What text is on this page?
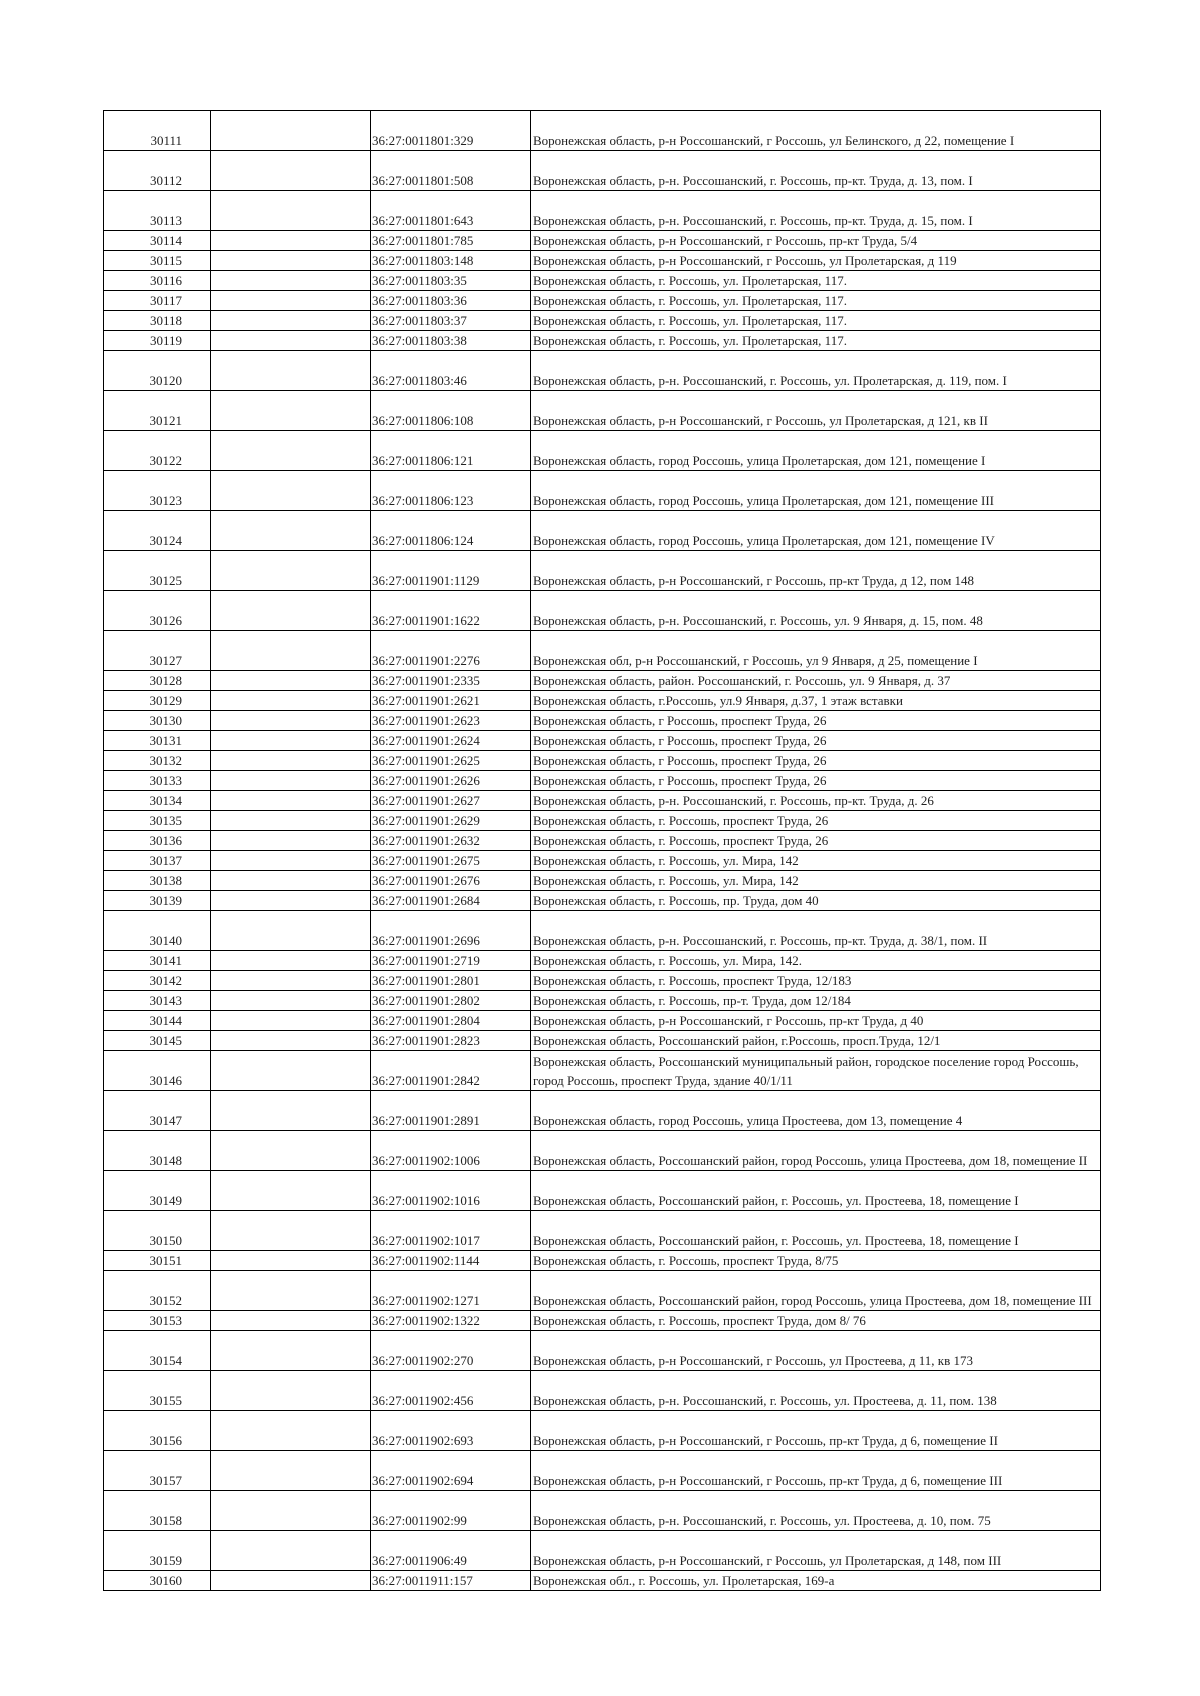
30111		36:27:0011801:329	Воронежская область, р-н Россошанский, г Россошь, ул Белинского, д 22, помещение I
30112		36:27:0011801:508	Воронежская область, р-н. Россошанский, г. Россошь, пр-кт. Труда, д. 13, пом. I
30113		36:27:0011801:643	Воронежская область, р-н. Россошанский, г. Россошь, пр-кт. Труда, д. 15, пом. I
30114		36:27:0011801:785	Воронежская область, р-н Россошанский, г Россошь, пр-кт Труда, 5/4
30115		36:27:0011803:148	Воронежская область, р-н Россошанский, г Россошь, ул Пролетарская, д 119
30116		36:27:0011803:35	Воронежская область, г. Россошь, ул. Пролетарская, 117.
30117		36:27:0011803:36	Воронежская область, г. Россошь, ул. Пролетарская, 117.
30118		36:27:0011803:37	Воронежская область, г. Россошь, ул. Пролетарская, 117.
30119		36:27:0011803:38	Воронежская область, г. Россошь, ул. Пролетарская, 117.
30120		36:27:0011803:46	Воронежская область, р-н. Россошанский, г. Россошь, ул. Пролетарская, д. 119, пом. I
30121		36:27:0011806:108	Воронежская область, р-н Россошанский, г Россошь, ул Пролетарская, д 121, кв II
30122		36:27:0011806:121	Воронежская область, город Россошь, улица Пролетарская, дом 121, помещение I
30123		36:27:0011806:123	Воронежская область, город Россошь, улица Пролетарская, дом 121, помещение III
30124		36:27:0011806:124	Воронежская область, город Россошь, улица Пролетарская, дом 121, помещение IV
30125		36:27:0011901:1129	Воронежская область, р-н Россошанский, г Россошь, пр-кт Труда, д 12, пом 148
30126		36:27:0011901:1622	Воронежская область, р-н. Россошанский, г. Россошь, ул. 9 Января, д. 15, пом. 48
30127		36:27:0011901:2276	Воронежская обл, р-н Россошанский, г Россошь, ул 9 Января, д 25, помещение I
30128		36:27:0011901:2335	Воронежская область, район. Россошанский, г. Россошь, ул. 9 Января, д. 37
30129		36:27:0011901:2621	Воронежская область, г.Россошь, ул.9 Января, д.37, 1 этаж вставки
30130		36:27:0011901:2623	Воронежская область, г Россошь, проспект Труда, 26
30131		36:27:0011901:2624	Воронежская область, г Россошь, проспект Труда, 26
30132		36:27:0011901:2625	Воронежская область, г Россошь, проспект Труда, 26
30133		36:27:0011901:2626	Воронежская область, г Россошь, проспект Труда, 26
30134		36:27:0011901:2627	Воронежская область, р-н. Россошанский, г. Россошь, пр-кт. Труда, д. 26
30135		36:27:0011901:2629	Воронежская область, г. Россошь, проспект Труда, 26
30136		36:27:0011901:2632	Воронежская область, г. Россошь, проспект Труда, 26
30137		36:27:0011901:2675	Воронежская область, г. Россошь, ул. Мира, 142
30138		36:27:0011901:2676	Воронежская область, г. Россошь, ул. Мира, 142
30139		36:27:0011901:2684	Воронежская область, г. Россошь, пр. Труда, дом 40
30140		36:27:0011901:2696	Воронежская область, р-н. Россошанский, г. Россошь, пр-кт. Труда, д. 38/1, пом. II
30141		36:27:0011901:2719	Воронежская область, г. Россошь, ул. Мира, 142.
30142		36:27:0011901:2801	Воронежская область, г. Россошь, проспект Труда, 12/183
30143		36:27:0011901:2802	Воронежская область, г. Россошь, пр-т. Труда, дом 12/184
30144		36:27:0011901:2804	Воронежская область, р-н Россошанский, г Россошь, пр-кт Труда, д 40
30145		36:27:0011901:2823	Воронежская область, Россошанский район, г.Россошь, просп.Труда, 12/1
30146		36:27:0011901:2842	Воронежская область, Россошанский муниципальный район, городское поселение город Россошь, город Россошь, проспект Труда, здание 40/1/11
30147		36:27:0011901:2891	Воронежская область, город Россошь, улица Простеева, дом 13, помещение 4
30148		36:27:0011902:1006	Воронежская область, Россошанский район, город Россошь, улица Простеева, дом 18, помещение II
30149		36:27:0011902:1016	Воронежская область, Россошанский район, г. Россошь, ул. Простеева, 18, помещение I
30150		36:27:0011902:1017	Воронежская область, Россошанский район, г. Россошь, ул. Простеева, 18, помещение I
30151		36:27:0011902:1144	Воронежская область, г. Россошь, проспект Труда, 8/75
30152		36:27:0011902:1271	Воронежская область, Россошанский район, город Россошь, улица Простеева, дом 18, помещение III
30153		36:27:0011902:1322	Воронежская область, г. Россошь, проспект Труда, дом 8/ 76
30154		36:27:0011902:270	Воронежская область, р-н Россошанский, г Россошь, ул Простеева, д 11, кв 173
30155		36:27:0011902:456	Воронежская область, р-н. Россошанский, г. Россошь, ул. Простеева, д. 11, пом. 138
30156		36:27:0011902:693	Воронежская область, р-н Россошанский, г Россошь, пр-кт Труда, д 6, помещение II
30157		36:27:0011902:694	Воронежская область, р-н Россошанский, г Россошь, пр-кт Труда, д 6, помещение III
30158		36:27:0011902:99	Воронежская область, р-н. Россошанский, г. Россошь, ул. Простеева, д. 10, пом. 75
30159		36:27:0011906:49	Воронежская область, р-н Россошанский, г Россошь, ул Пролетарская, д 148, пом III
30160		36:27:0011911:157	Воронежская обл., г. Россошь, ул. Пролетарская, 169-а
